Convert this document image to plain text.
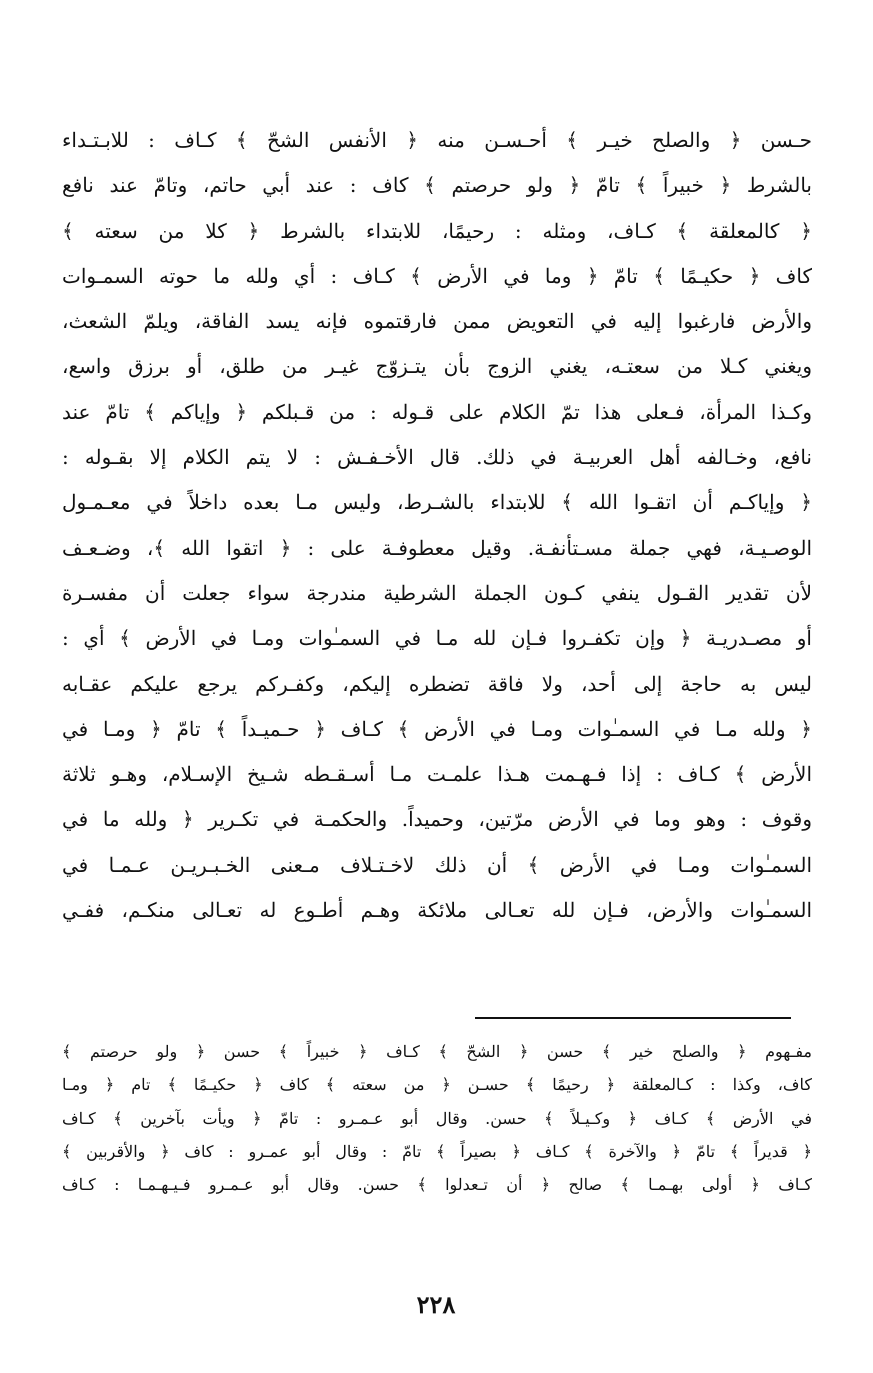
حـسن ﴿ والصلح خيـر ﴾ أحـسـن منه ﴿ الأنفس الشحّ ﴾ كـاف : للابـتـداء
بالشرط ﴿ خبيراً ﴾ تامّ ﴿ ولو حرصتم ﴾ كاف : عند أبي حاتم، وتامّ عند نافع
﴿ كالمعلقة ﴾ كـاف، ومثله : رحيمًا، للابتداء بالشرط ﴿ كلا من سعته ﴾
كاف ﴿ حكيـمًا ﴾ تامّ ﴿ وما في الأرض ﴾ كـاف : أي ولله ما حوته السمـوات
والأرض فارغبوا إليه في التعويض ممن فارقتموه فإنه يسد الفاقة، ويلمّ الشعث،
ويغني كـلا من سعتـه، يغني الزوج بأن يتـزوّج غيـر من طلق، أو برزق واسع،
وكـذا المرأة، فـعلى هذا تمّ الكلام على قـوله : من قـبلكم ﴿ وإياكم ﴾ تامّ عند
نافع، وخـالفه أهل العربيـة في ذلك. قال الأخـفـش : لا يتم الكلام إلا بقـوله :
﴿ وإياكـم أن اتقـوا الله ﴾ للابتداء بالشـرط، وليس مـا بعده داخلاً في معـمـول
الوصـيـة، فهي جملة مسـتأنفـة. وقيل معطوفـة على : ﴿ اتقوا الله ﴾، وضـعـف
لأن تقدير القـول ينفي كـون الجملة الشرطية مندرجة سواء جعلت أن مفسـرة
أو مصـدريـة ﴿ وإن تكفـروا فـإن لله مـا في السمـٰوات ومـا في الأرض ﴾ أي :
ليس به حاجة إلى أحد، ولا فاقة تضطره إليكم، وكفـركم يرجع عليكم عقـابه
﴿ ولله مـا في السمـٰوات ومـا في الأرض ﴾ كـاف ﴿ حـميـداً ﴾ تامّ ﴿ ومـا في
الأرض ﴾ كـاف : إذا فـهـمت هـذا علمـت مـا أسـقـطه شـيخ الإسـلام، وهـو ثلاثة
وقوف : وهو وما في الأرض مرّتين، وحميداً. والحكمـة في تكـرير ﴿ ولله ما في
السمـٰوات ومـا في الأرض ﴾ أن ذلك لاخـتـلاف مـعنى الخـبـريـن عـمـا في
السمـٰوات والأرض، فـإن لله تعـالى ملائكة وهـم أطـوع له تعـالى منكـم، ففـي
مفـهوم ﴿ والصلح خير ﴾ حسن ﴿ الشحّ ﴾ كـاف ﴿ خبيراً ﴾ حسن ﴿ ولو حرصتم ﴾
كاف، وكذا : كـالمعلقة ﴿ رحيمًا ﴾ حسـن ﴿ من سعته ﴾ كاف ﴿ حكيـمًا ﴾ تام ﴿ ومـا
في الأرض ﴾ كـاف ﴿ وكـيـلاً ﴾ حسن. وقال أبو عـمـرو : تامّ ﴿ ويأت بآخرين ﴾ كـاف
﴿ قديراً ﴾ تامّ ﴿ والآخرة ﴾ كـاف ﴿ بصيراً ﴾ تامّ : وقال أبو عمـرو : كاف ﴿ والأقربين ﴾
كـاف ﴿ أولى بهـمـا ﴾ صالح ﴿ أن تـعدلوا ﴾ حسن. وقال أبو عـمـرو فـيـهـمـا : كـاف
٢٢٨
